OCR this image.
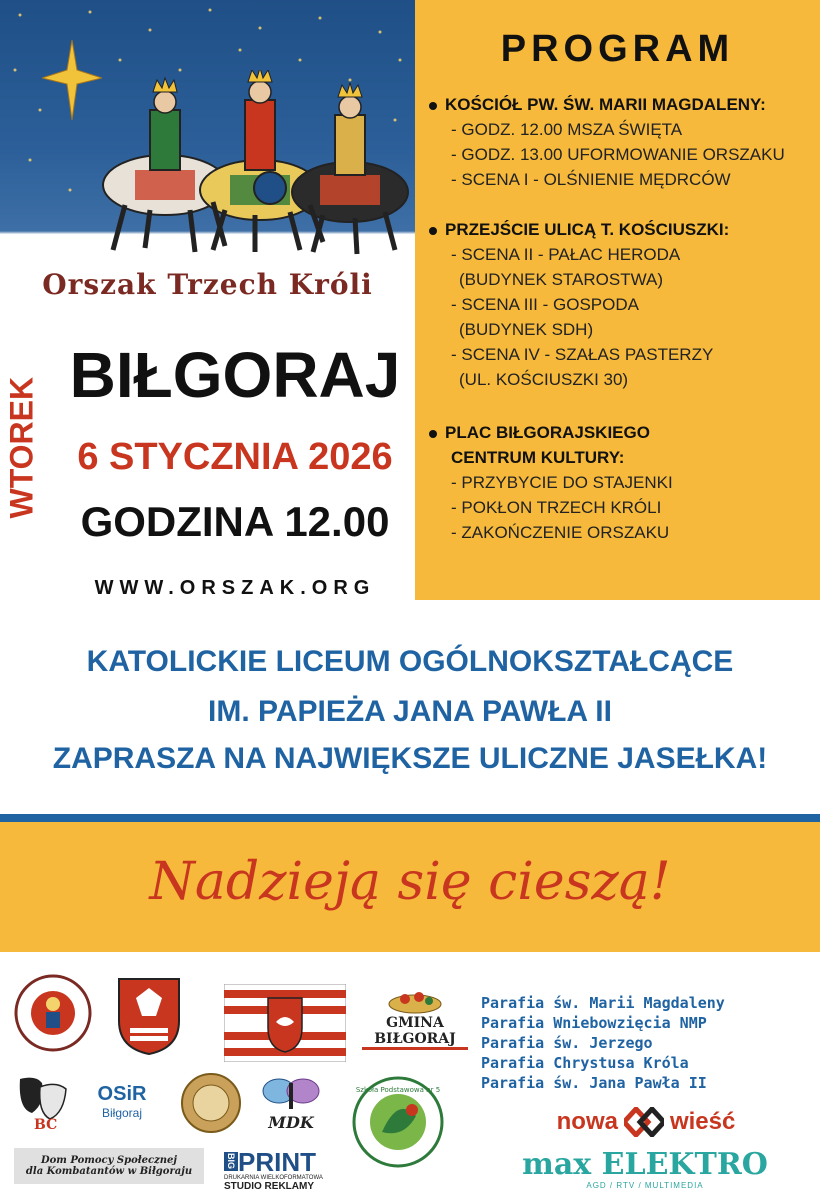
Orszak Trzech Króli
WTOREK
BIŁGORAJ
6 STYCZNIA 2026
GODZINA 12.00
WWW.ORSZAK.ORG
PROGRAM
KOŚCIÓŁ PW. ŚW. MARII MAGDALENY:
- GODZ. 12.00 MSZA ŚWIĘTA
- GODZ. 13.00 UFORMOWANIE ORSZAKU
- SCENA I - OLŚNIENIE MĘDRCÓW
PRZEJŚCIE ULICĄ T. KOŚCIUSZKI:
- SCENA II - PAŁAC HERODA
(BUDYNEK STAROSTWA)
- SCENA III - GOSPODA
(BUDYNEK SDH)
- SCENA IV - SZAŁAS PASTERZY
(UL. KOŚCIUSZKI 30)
PLAC BIŁGORAJSKIEGO
CENTRUM KULTURY:
- PRZYBYCIE DO STAJENKI
- POKŁON TRZECH KRÓLI
- ZAKOŃCZENIE ORSZAKU
KATOLICKIE LICEUM OGÓLNOKSZTAŁCĄCE
IM. PAPIEŻA JANA PAWŁA II
ZAPRASZA NA NAJWIĘKSZE ULICZNE JASEŁKA!
Nadzieją się cieszą!
GMINA BIŁGORAJ
Parafia św. Marii Magdaleny
Parafia Wniebowzięcia NMP
Parafia św. Jerzego
Parafia Chrystusa Króla
Parafia św. Jana Pawła II
BC
OSiR
Biłgoraj	MDK
Szkoła Podstawowa nr 5
Dom Pomocy Społecznej
dla Kombatantów w Biłgoraju
BIG PRINT
DRUKARNIA WIELKOFORMATOWA
STUDIO REKLAMY
nowa wieść
max ELEKTRO
AGD / RTV / MULTIMEDIA
